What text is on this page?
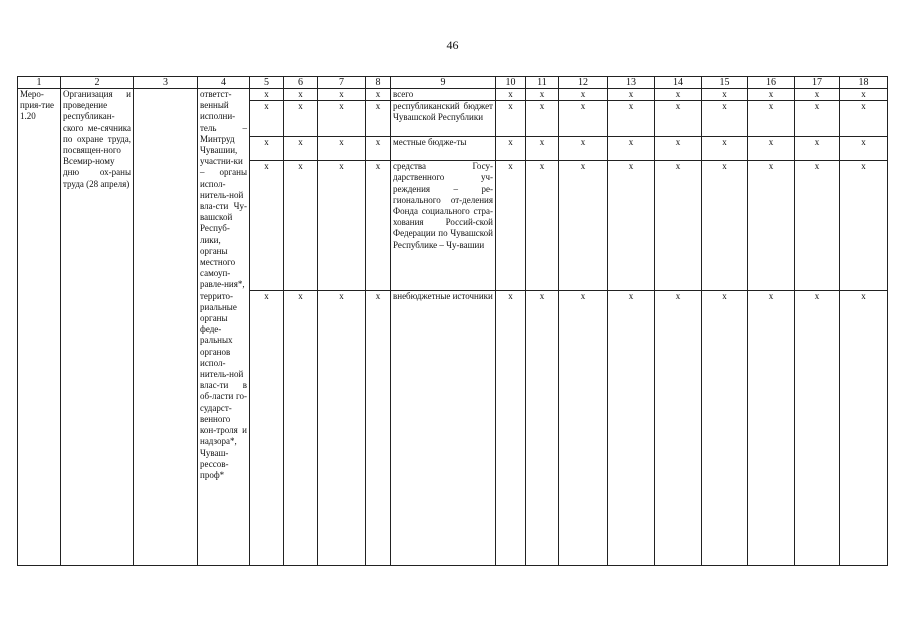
46
1	2	3	4	5	6	7	8	9	10	11	12	13	14	15	16	17	18
Меро-прия-тие 1.20	Организация и проведение республикан-ского ме-сячника по охране труда, посвящен-ного Всемир-ному дню ох-раны труда (28 апреля)		ответст-венный исполни-тель – Минтруд Чувашии, участни-ки – органы испол-нитель-ной вла-сти Чу-вашской Респуб-лики, органы местного самоуп-равле-ния*, террито-риальные органы феде-ральных органов испол-нитель-ной влас-ти в об-ласти го-сударст-венного кон-троля и надзора*, Чуваш-рессов-проф*	x	x	x	x	всего	x	x	x	x	x	x	x	x	x
				x	x	x	x	республиканский бюджет Чувашской Республики	x	x	x	x	x	x	x	x	x
				x	x	x	x	местные бюдже-ты	x	x	x	x	x	x	x	x	x
				x	x	x	x	средства Госу-дарственного уч-реждения – ре-гионального от-деления Фонда социального стра-хования Россий-ской Федерации по Чувашской Республике – Чу-вашии	x	x	x	x	x	x	x	x	x
				x	x	x	x	внебюджетные источники	x	x	x	x	x	x	x	x	x
